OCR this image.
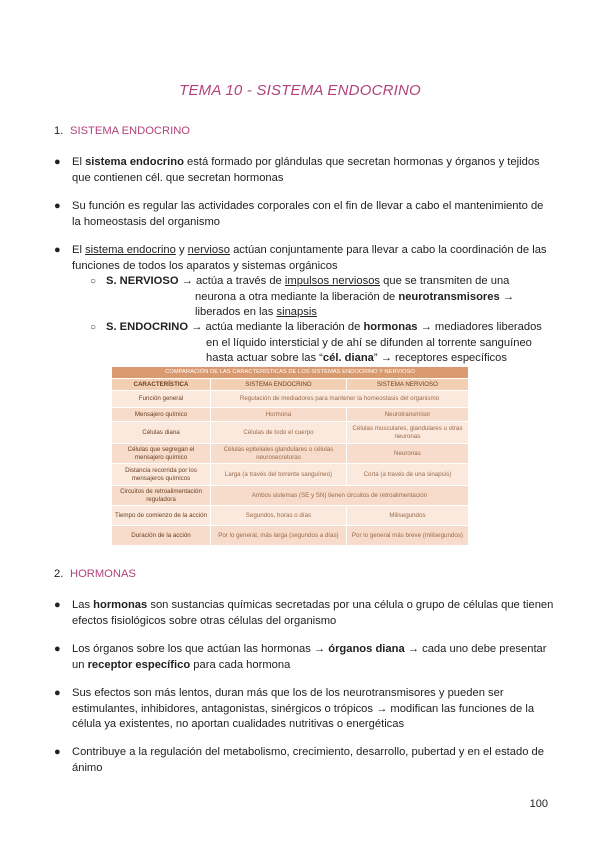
TEMA 10 - SISTEMA ENDOCRINO
1. SISTEMA ENDOCRINO
● El sistema endocrino está formado por glándulas que secretan hormonas y órganos y tejidos
que contienen cél. que secretan hormonas
● Su función es regular las actividades corporales con el fin de llevar a cabo el mantenimiento de
la homeostasis del organismo
● El sistema endocrino y nervioso actúan conjuntamente para llevar a cabo la coordinación de las
funciones de todos los aparatos y sistemas orgánicos
○ S. NERVIOSO → actúa a través de impulsos nerviosos que se transmiten de una
neurona a otra mediante la liberación de neurotransmisores →
liberados en las sinapsis
○ S. ENDOCRINO → actúa mediante la liberación de hormonas → mediadores liberados
en el líquido intersticial y de ahí se difunden al torrente sanguíneo
hasta actuar sobre las “cél. diana” → receptores específicos
COMPARACIÓN DE LAS CARACTERÍSTICAS DE LOS SISTEMAS ENDOCRINO Y NERVIOSO		
CARACTERÍSTICA	SISTEMA ENDOCRINO	SISTEMA NERVIOSO
Función general	Regulación de mediadores para mantener la homeostasis del organismo	
Mensajero químico	Hormona	Neurotransmisor
Células diana	Células de todo el cuerpo	Células musculares, glandulares u otras neuronas
Células que segregan el mensajero químico	Células epiteliales glandulares o células neurosecretoras	Neuronas
Distancia recorrida por los mensajeros químicos	Larga (a través del torrente sanguíneo)	Corta (a través de una sinapsis)
Circuitos de retroalimentación reguladora	Ambos sistemas (SE y SN) tienen circuitos de retroalimentación	
Tiempo de comienzo de la acción	Segundos, horas o días	Milisegundos
Duración de la acción	Por lo general, más larga (segundos a días)	Por lo general más breve (milisegundos)
2. HORMONAS
● Las hormonas son sustancias químicas secretadas por una célula o grupo de células que tienen
efectos fisiológicos sobre otras células del organismo
● Los órganos sobre los que actúan las hormonas → órganos diana → cada uno debe presentar
un receptor específico para cada hormona
● Sus efectos son más lentos, duran más que los de los neurotransmisores y pueden ser
estimulantes, inhibidores, antagonistas, sinérgicos o trópicos → modifican las funciones de la
célula ya existentes, no aportan cualidades nutritivas o energéticas
● Contribuye a la regulación del metabolismo, crecimiento, desarrollo, pubertad y en el estado de
ánimo
100
